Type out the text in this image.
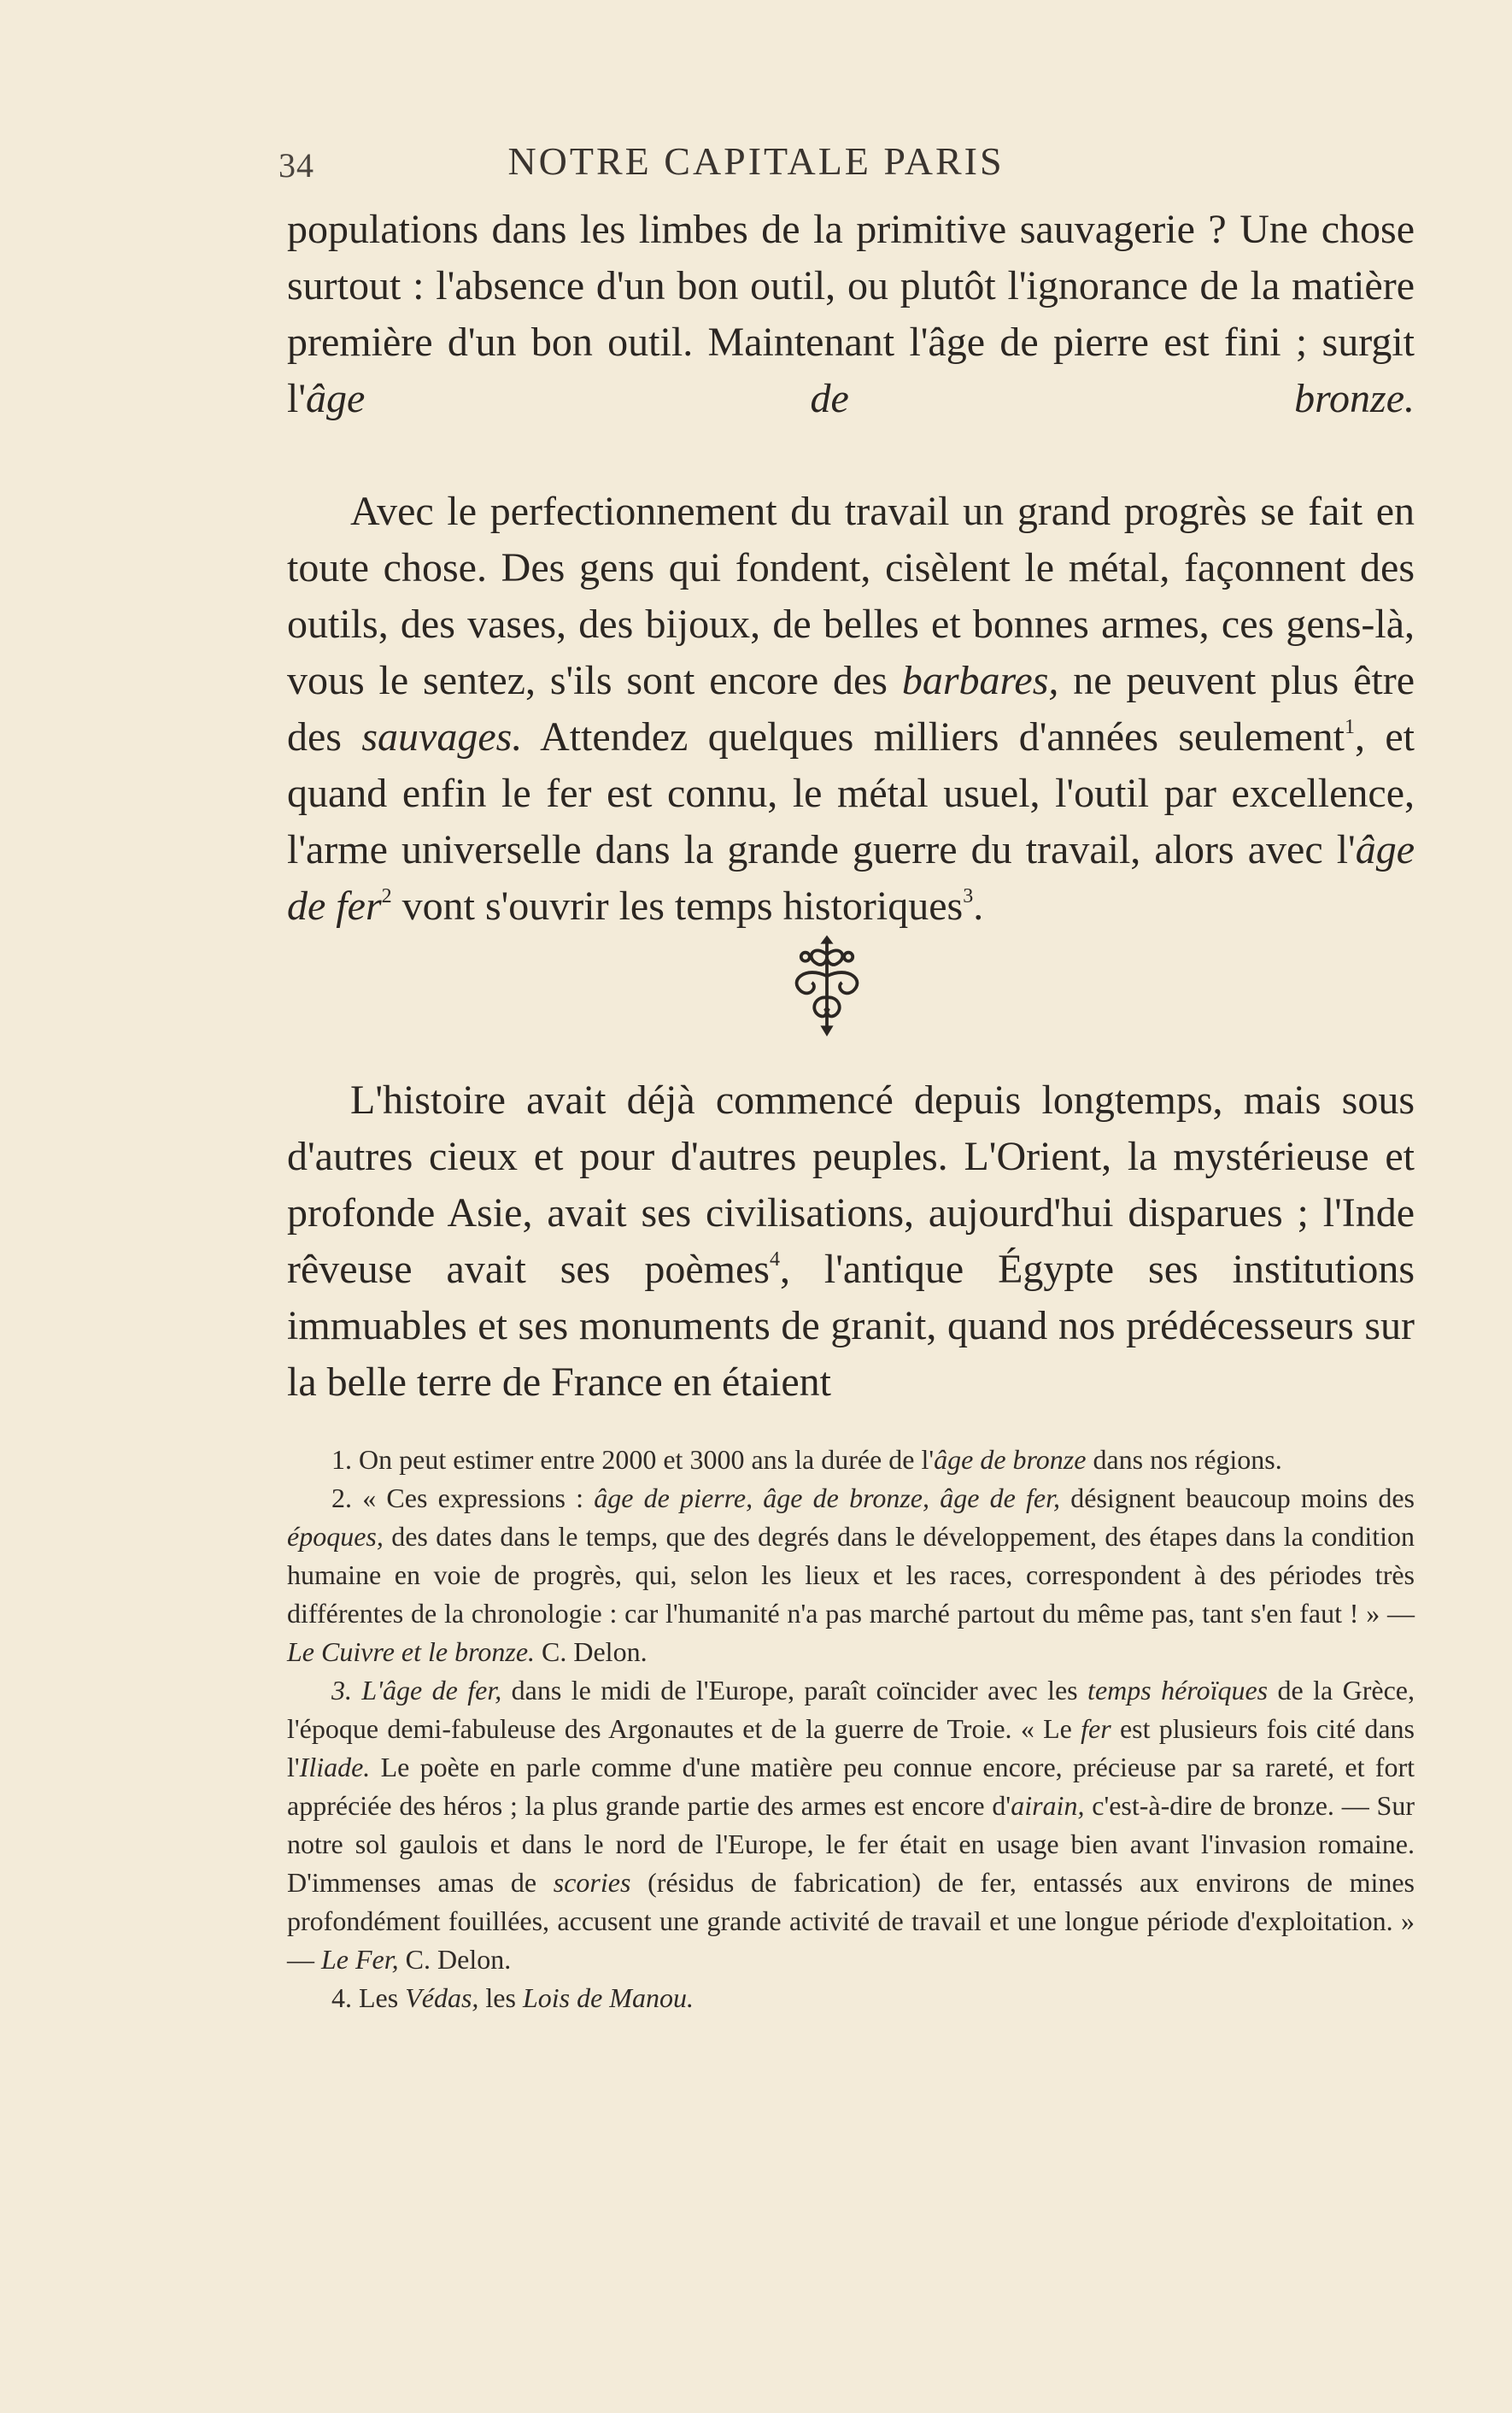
34	NOTRE CAPITALE PARIS

populations dans les limbes de la primitive sauvagerie ? Une chose surtout : l'absence d'un bon outil, ou plutôt l'ignorance de la matière première d'un bon outil. Maintenant l'âge de pierre est fini ; surgit l'âge de bronze.

Avec le perfectionnement du travail un grand progrès se fait en toute chose. Des gens qui fondent, cisèlent le métal, façonnent des outils, des vases, des bijoux, de belles et bonnes armes, ces gens-là, vous le sentez, s'ils sont encore des barbares, ne peuvent plus être des sauvages. Attendez quelques milliers d'années seulement$^1$, et quand enfin le fer est connu, le métal usuel, l'outil par excellence, l'arme universelle dans la grande guerre du travail, alors avec l'âge de fer$^2$ vont s'ouvrir les temps historiques$^3$.

L'histoire avait déjà commencé depuis longtemps, mais sous d'autres cieux et pour d'autres peuples. L'Orient, la mystérieuse et profonde Asie, avait ses civilisations, aujourd'hui disparues ; l'Inde rêveuse avait ses poèmes$^4$, l'antique Égypte ses institutions immuables et ses monuments de granit, quand nos prédécesseurs sur la belle terre de France en étaient

1. On peut estimer entre 2000 et 3000 ans la durée de l'âge de bronze dans nos régions.

2. « Ces expressions : âge de pierre, âge de bronze, âge de fer, désignent beaucoup moins des époques, des dates dans le temps, que des degrés dans le développement, des étapes dans la condition humaine en voie de progrès, qui, selon les lieux et les races, correspondent à des périodes très différentes de la chronologie : car l'humanité n'a pas marché partout du même pas, tant s'en faut ! » — Le Cuivre et le bronze. C. Delon.

3. L'âge de fer, dans le midi de l'Europe, paraît coïncider avec les temps héroïques de la Grèce, l'époque demi-fabuleuse des Argonautes et de la guerre de Troie. « Le fer est plusieurs fois cité dans l'Iliade. Le poète en parle comme d'une matière peu connue encore, précieuse par sa rareté, et fort appréciée des héros ; la plus grande partie des armes est encore d'airain, c'est-à-dire de bronze. — Sur notre sol gaulois et dans le nord de l'Europe, le fer était en usage bien avant l'invasion romaine. D'immenses amas de scories (résidus de fabrication) de fer, entassés aux environs de mines profondément fouillées, accusent une grande activité de travail et une longue période d'exploitation. » — Le Fer, C. Delon.

4. Les Védas, les Lois de Manou.
